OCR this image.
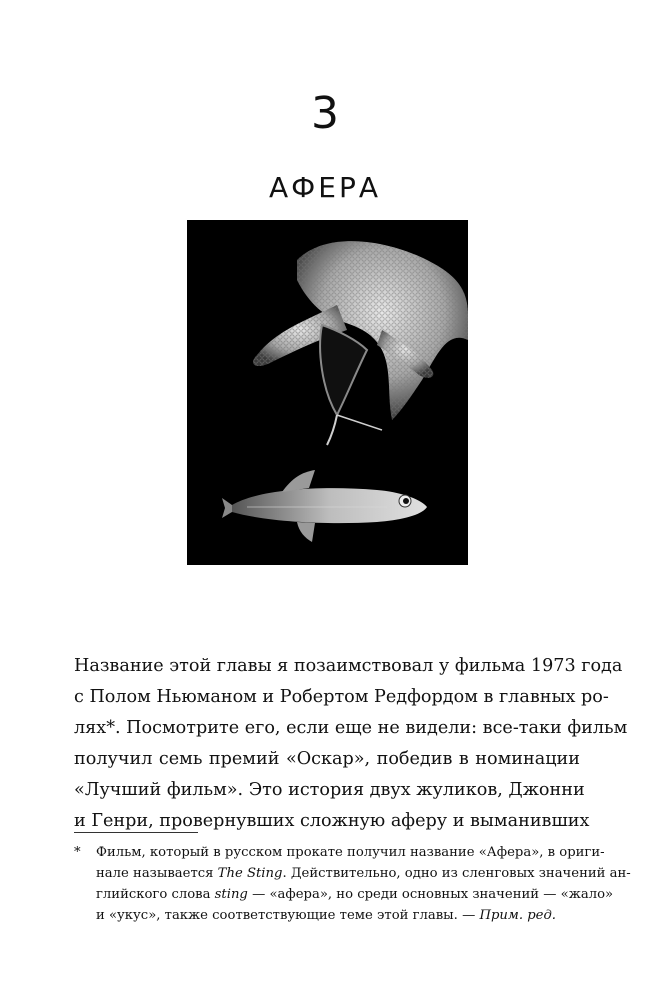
3
АФЕРА
Название этой главы я позаимствовал у фильма 1973 года
с Полом Ньюманом и Робертом Редфордом в главных ро-
лях*. Посмотрите его, если еще не видели: все-таки фильм
получил семь премий «Оскар», победив в номинации
«Лучший фильм». Это история двух жуликов, Джонни
и Генри, провернувших сложную аферу и выманивших
* Фильм, который в русском прокате получил название «Афера», в ориги-
нале называется The Sting. Действительно, одно из сленговых значений ан-
глийского слова sting — «афера», но среди основных значений — «жало»
и «укус», также соответствующие теме этой главы. — Прим. ред.
